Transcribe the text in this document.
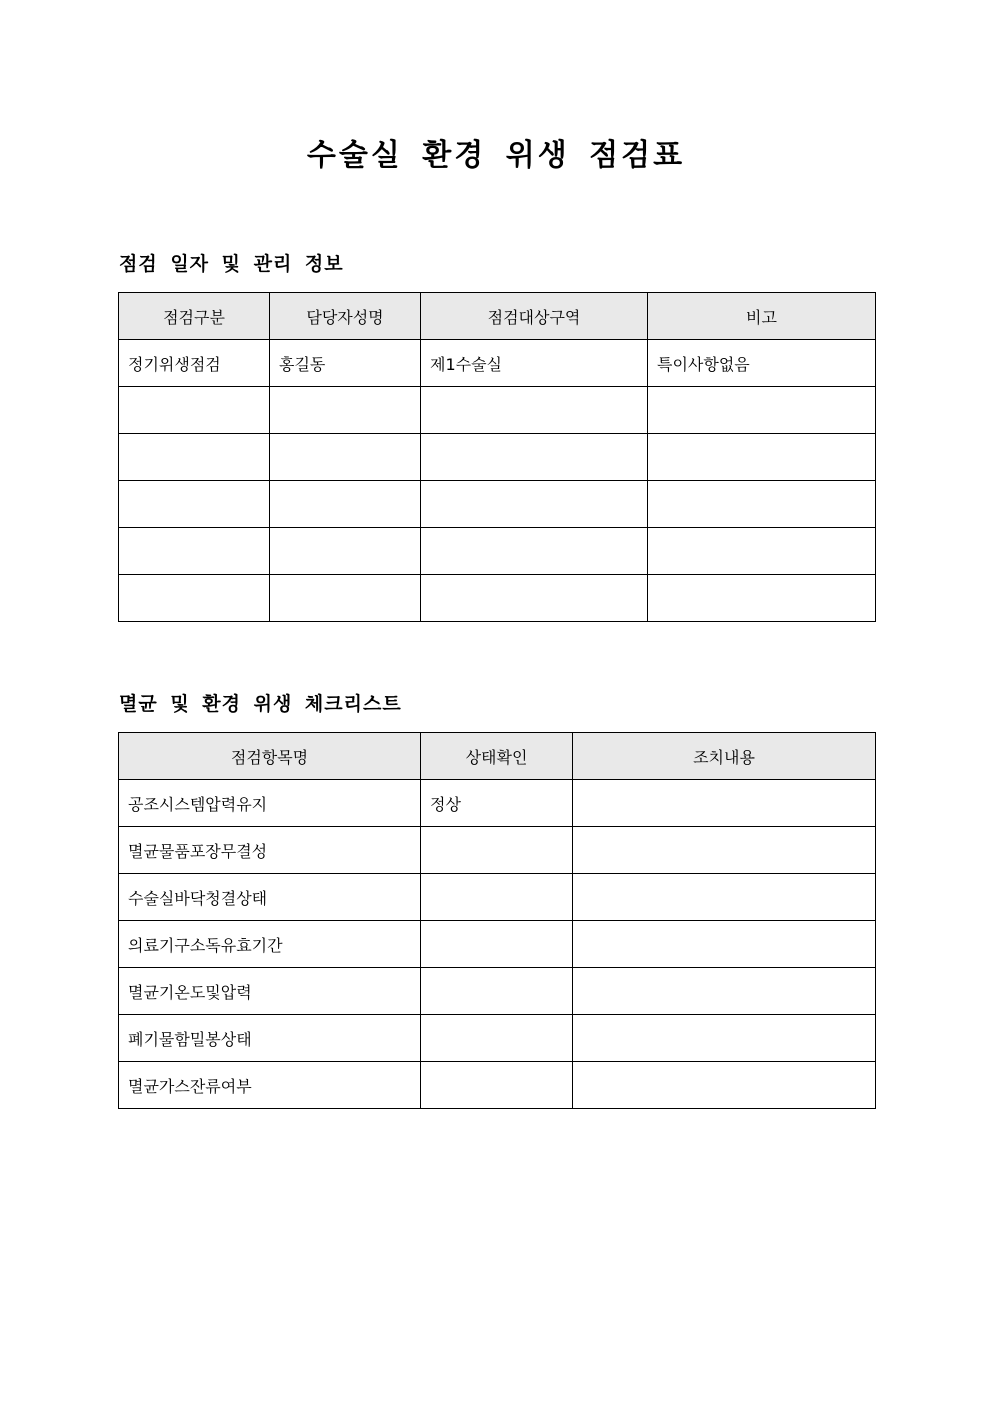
수술실 환경 위생 점검표
점검 일자 및 관리 정보
점검구분	담당자성명	점검대상구역	비고
정기위생점검	홍길동	제1수술실	특이사항없음

멸균 및 환경 위생 체크리스트
점검항목명	상태확인	조치내용
공조시스템압력유지	정상	
멸균물품포장무결성		
수술실바닥청결상태		
의료기구소독유효기간		
멸균기온도및압력		
폐기물함밀봉상태		
멸균가스잔류여부		
